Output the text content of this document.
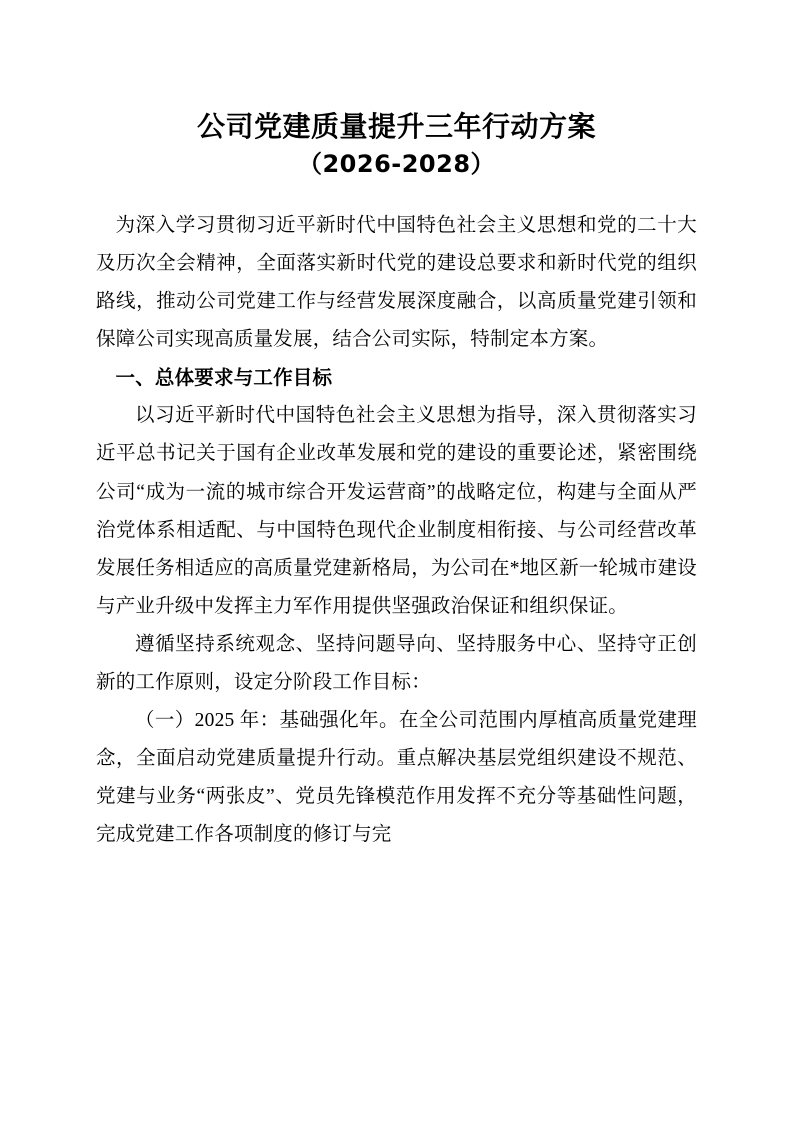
公司党建质量提升三年行动方案
（2026-2028）

为深入学习贯彻习近平新时代中国特色社会主义思想和党的二十大及历次全会精神，全面落实新时代党的建设总要求和新时代党的组织路线，推动公司党建工作与经营发展深度融合，以高质量党建引领和保障公司实现高质量发展，结合公司实际，特制定本方案。

一、总体要求与工作目标

以习近平新时代中国特色社会主义思想为指导，深入贯彻落实习近平总书记关于国有企业改革发展和党的建设的重要论述，紧密围绕公司“成为一流的城市综合开发运营商”的战略定位，构建与全面从严治党体系相适配、与中国特色现代企业制度相衔接、与公司经营改革发展任务相适应的高质量党建新格局，为公司在*地区新一轮城市建设与产业升级中发挥主力军作用提供坚强政治保证和组织保证。

遵循坚持系统观念、坚持问题导向、坚持服务中心、坚持守正创新的工作原则，设定分阶段工作目标：

（一）2025 年：基础强化年。在全公司范围内厚植高质量党建理念，全面启动党建质量提升行动。重点解决基层党组织建设不规范、党建与业务“两张皮”、党员先锋模范作用发挥不充分等基础性问题，完成党建工作各项制度的修订与完
